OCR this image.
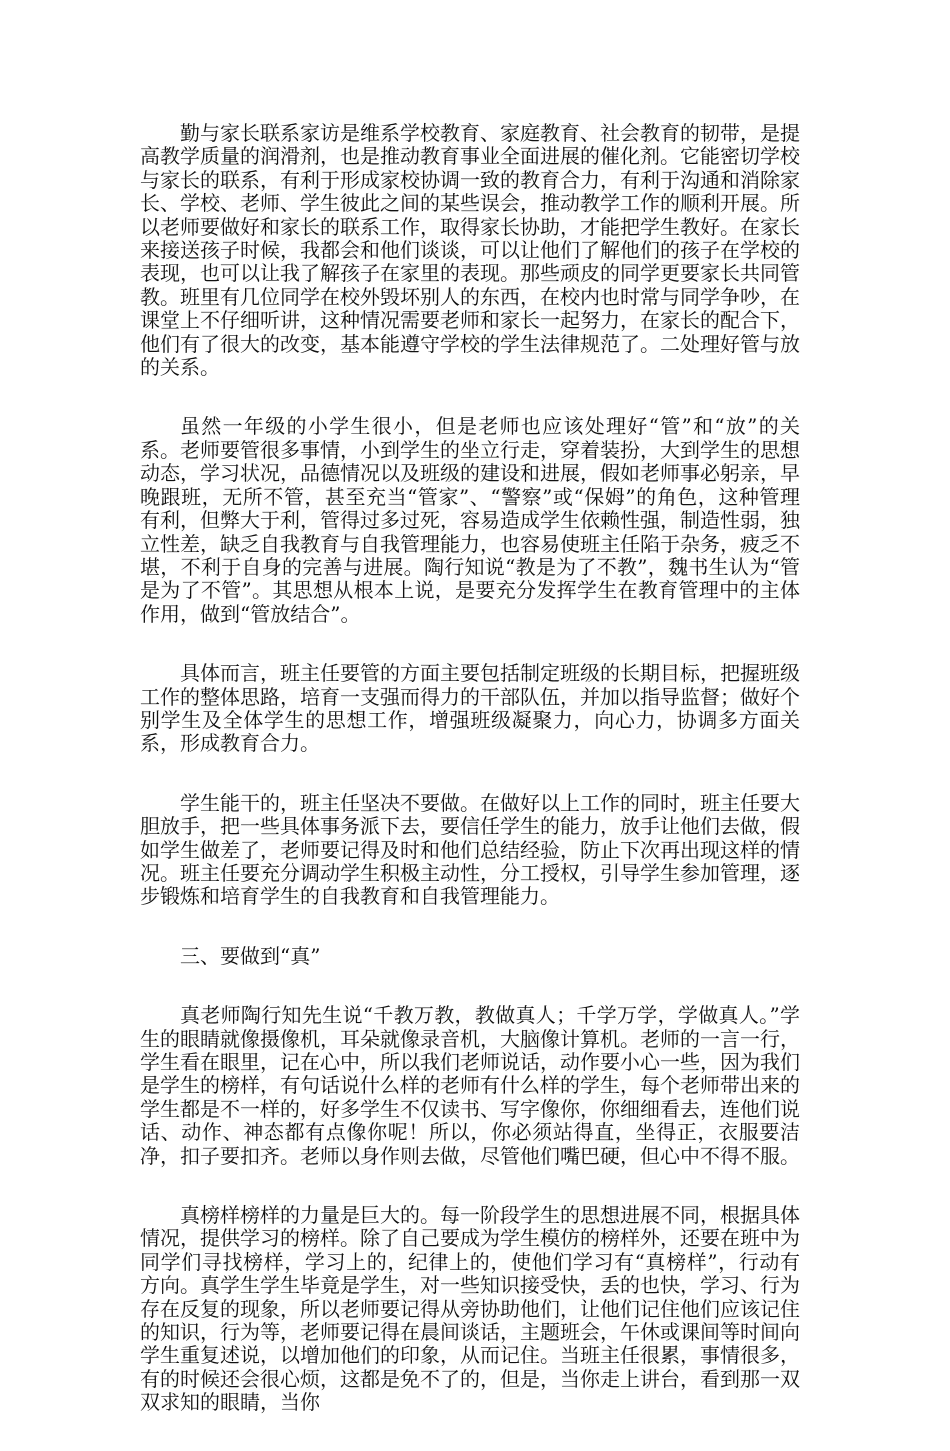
勤与家长联系家访是维系学校教育、家庭教育、社会教育的韧带，是提高教学质量的润滑剂，也是推动教育事业全面进展的催化剂。它能密切学校与家长的联系，有利于形成家校协调一致的教育合力，有利于沟通和消除家长、学校、老师、学生彼此之间的某些误会，推动教学工作的顺利开展。所以老师要做好和家长的联系工作，取得家长协助，才能把学生教好。在家长来接送孩子时候，我都会和他们谈谈，可以让他们了解他们的孩子在学校的表现，也可以让我了解孩子在家里的表现。那些顽皮的同学更要家长共同管教。班里有几位同学在校外毁坏别人的东西，在校内也时常与同学争吵，在课堂上不仔细听讲，这种情况需要老师和家长一起努力，在家长的配合下，他们有了很大的改变，基本能遵守学校的学生法律规范了。二处理好管与放的关系。

虽然一年级的小学生很小，但是老师也应该处理好“管”和“放”的关系。老师要管很多事情，小到学生的坐立行走，穿着装扮，大到学生的思想动态，学习状况，品德情况以及班级的建设和进展，假如老师事必躬亲，早晚跟班，无所不管，甚至充当“管家”、“警察”或“保姆”的角色，这种管理有利，但弊大于利，管得过多过死，容易造成学生依赖性强，制造性弱，独立性差，缺乏自我教育与自我管理能力，也容易使班主任陷于杂务，疲乏不堪，不利于自身的完善与进展。陶行知说“教是为了不教”，魏书生认为“管是为了不管”。其思想从根本上说，是要充分发挥学生在教育管理中的主体作用，做到“管放结合”。

具体而言，班主任要管的方面主要包括制定班级的长期目标，把握班级工作的整体思路，培育一支强而得力的干部队伍，并加以指导监督；做好个别学生及全体学生的思想工作，增强班级凝聚力，向心力，协调多方面关系，形成教育合力。

学生能干的，班主任坚决不要做。在做好以上工作的同时，班主任要大胆放手，把一些具体事务派下去，要信任学生的能力，放手让他们去做，假如学生做差了，老师要记得及时和他们总结经验，防止下次再出现这样的情况。班主任要充分调动学生积极主动性，分工授权，引导学生参加管理，逐步锻炼和培育学生的自我教育和自我管理能力。

三、要做到“真”

真老师陶行知先生说“千教万教，教做真人；千学万学，学做真人。”学生的眼睛就像摄像机，耳朵就像录音机，大脑像计算机。老师的一言一行，学生看在眼里，记在心中，所以我们老师说话，动作要小心一些，因为我们是学生的榜样，有句话说什么样的老师有什么样的学生，每个老师带出来的学生都是不一样的，好多学生不仅读书、写字像你，你细细看去，连他们说话、动作、神态都有点像你呢！所以，你必须站得直，坐得正，衣服要洁净，扣子要扣齐。老师以身作则去做，尽管他们嘴巴硬，但心中不得不服。

真榜样榜样的力量是巨大的。每一阶段学生的思想进展不同，根据具体情况，提供学习的榜样。除了自己要成为学生模仿的榜样外，还要在班中为同学们寻找榜样，学习上的，纪律上的，使他们学习有“真榜样”，行动有方向。真学生学生毕竟是学生，对一些知识接受快，丢的也快，学习、行为存在反复的现象，所以老师要记得从旁协助他们，让他们记住他们应该记住的知识，行为等，老师要记得在晨间谈话，主题班会，午休或课间等时间向学生重复述说，以增加他们的印象，从而记住。当班主任很累，事情很多，有的时候还会很心烦，这都是免不了的，但是，当你走上讲台，看到那一双双求知的眼睛，当你
